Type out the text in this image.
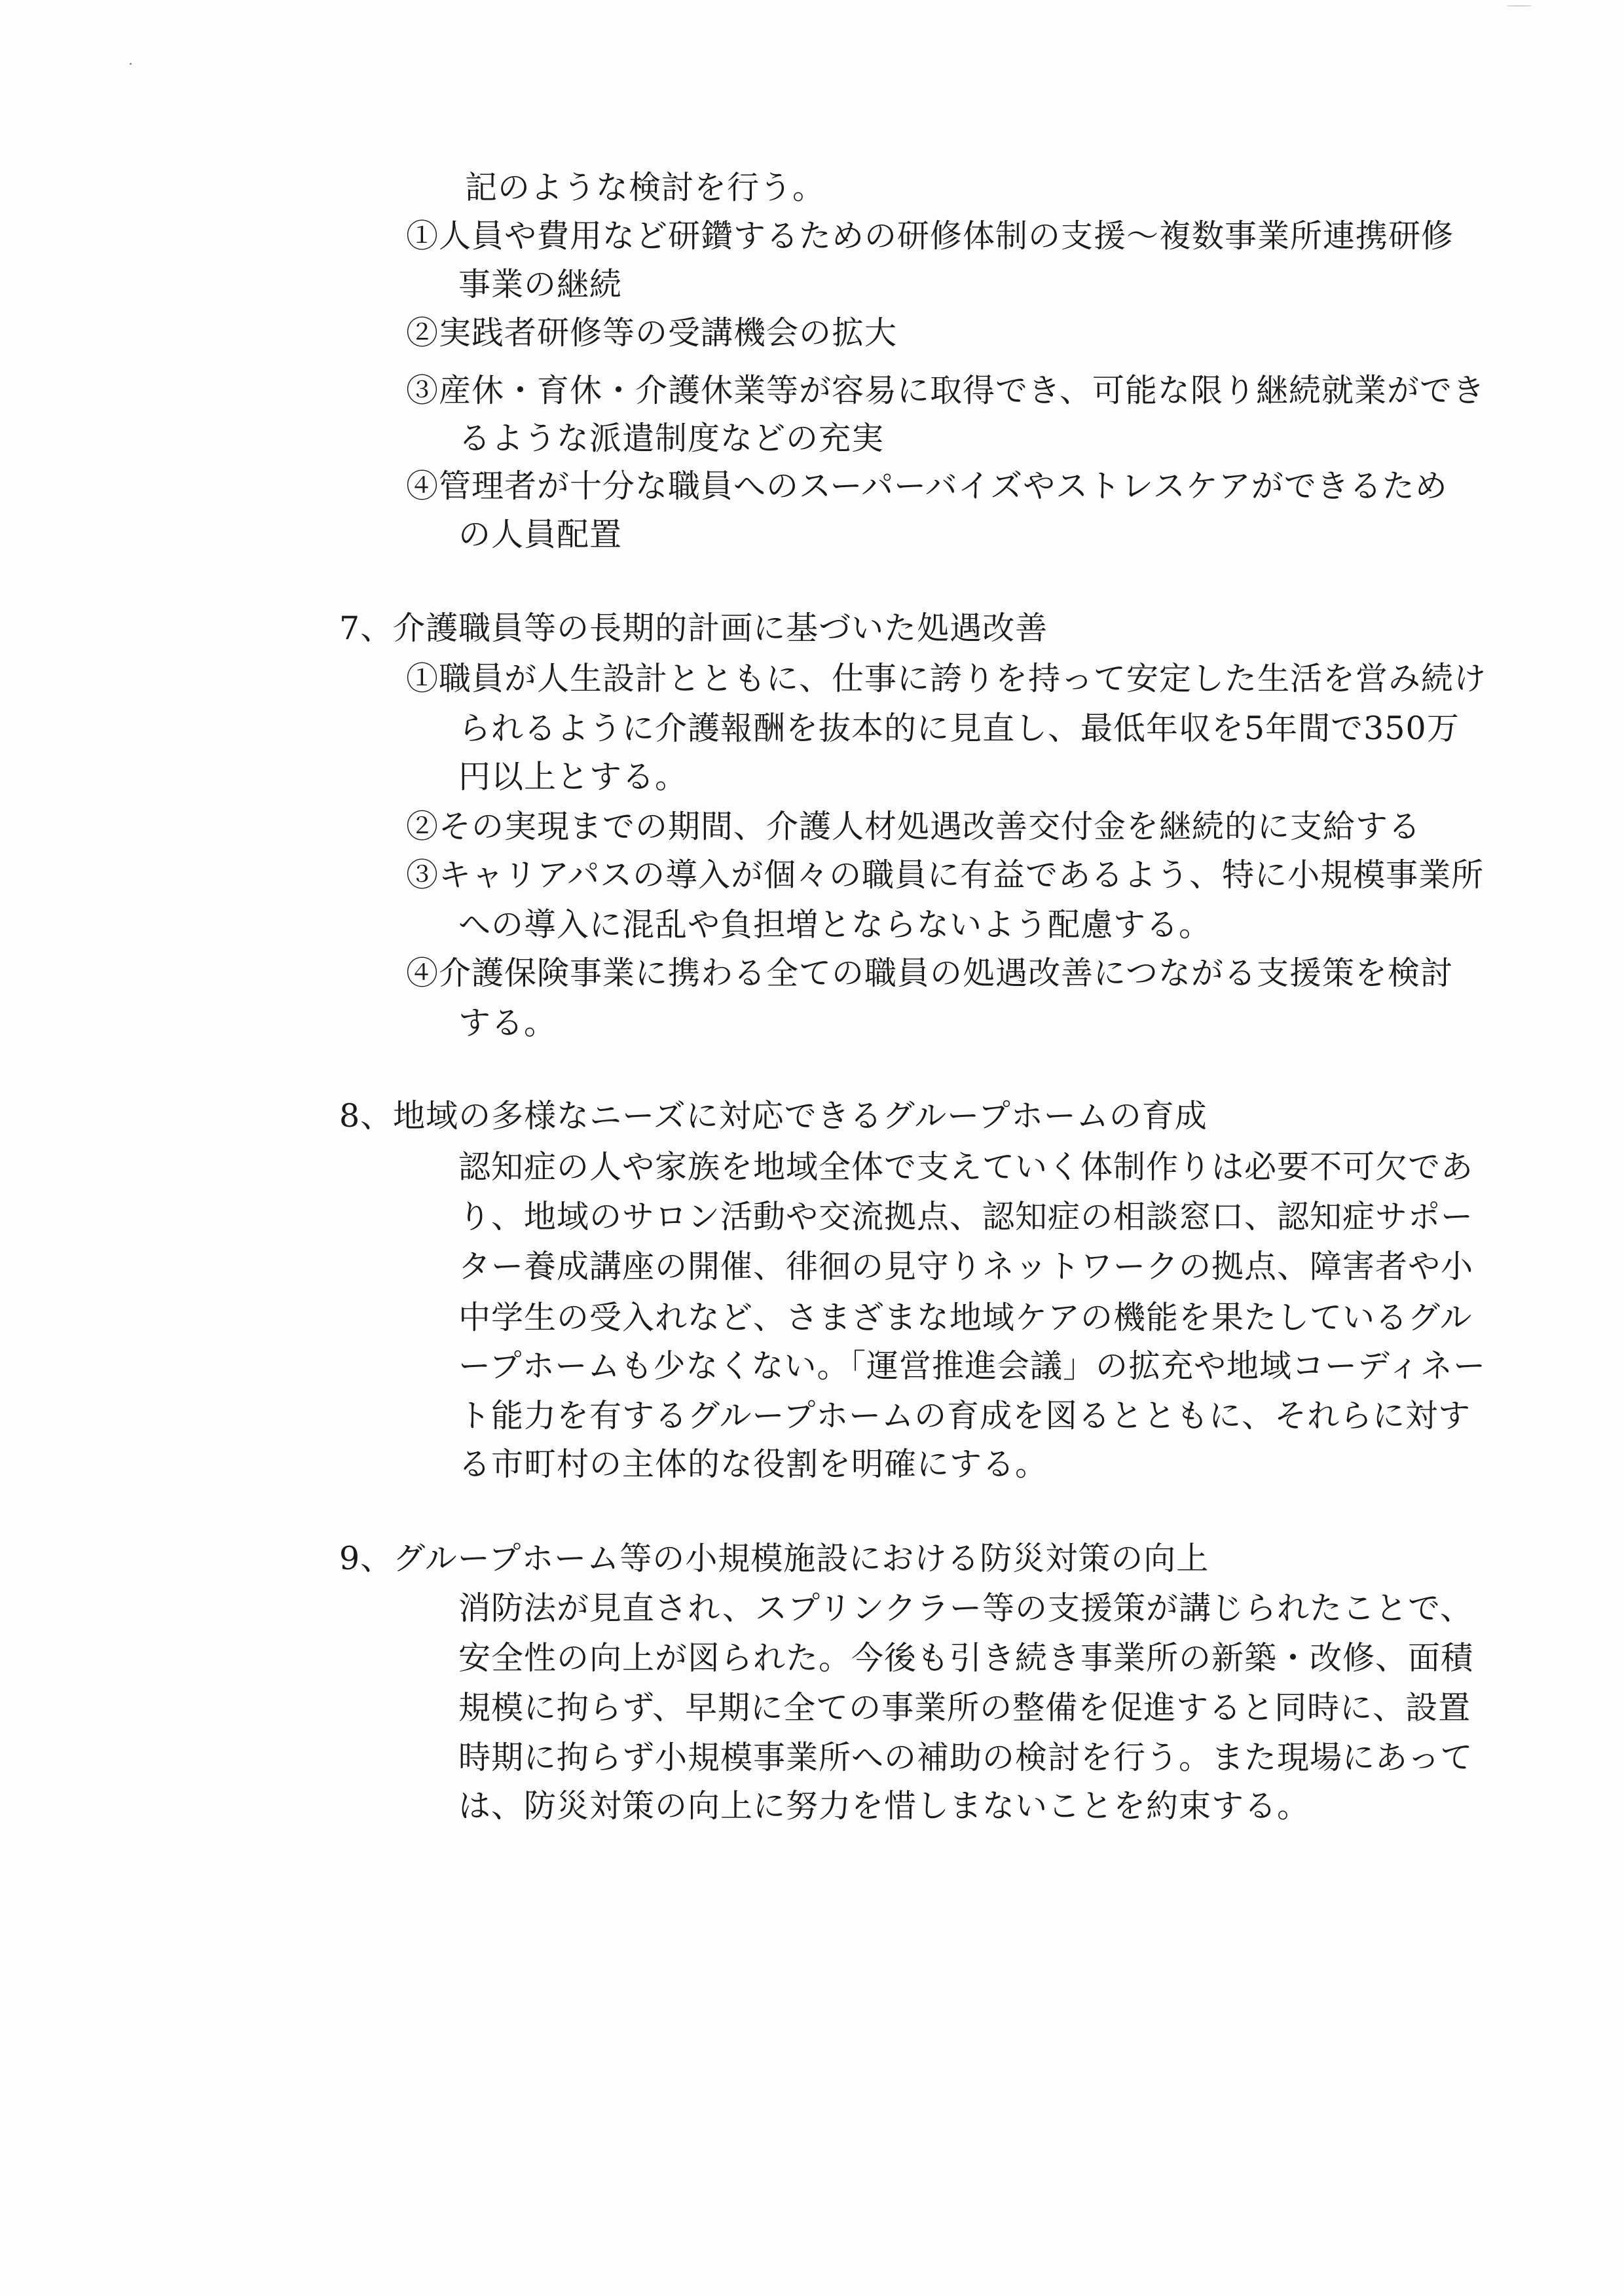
記のような検討を行う。
①人員や費用など研鑽するための研修体制の支援～複数事業所連携研修
事業の継続
②実践者研修等の受講機会の拡大
③産休・育休・介護休業等が容易に取得でき、可能な限り継続就業ができ
るような派遣制度などの充実
④管理者が十分な職員へのスーパーバイズやストレスケアができるため
の人員配置
7、介護職員等の長期的計画に基づいた処遇改善
①職員が人生設計とともに、仕事に誇りを持って安定した生活を営み続け
られるように介護報酬を抜本的に見直し、最低年収を5年間で350万
円以上とする。
②その実現までの期間、介護人材処遇改善交付金を継続的に支給する
③キャリアパスの導入が個々の職員に有益であるよう、特に小規模事業所
への導入に混乱や負担増とならないよう配慮する。
④介護保険事業に携わる全ての職員の処遇改善につながる支援策を検討
する。
8、地域の多様なニーズに対応できるグループホームの育成
認知症の人や家族を地域全体で支えていく体制作りは必要不可欠であ
り、地域のサロン活動や交流拠点、認知症の相談窓口、認知症サポー
ター養成講座の開催、徘徊の見守りネットワークの拠点、障害者や小
中学生の受入れなど、さまざまな地域ケアの機能を果たしているグル
ープホームも少なくない。「運営推進会議」の拡充や地域コーディネー
ト能力を有するグループホームの育成を図るとともに、それらに対す
る市町村の主体的な役割を明確にする。
9、グループホーム等の小規模施設における防災対策の向上
消防法が見直され、スプリンクラー等の支援策が講じられたことで、
安全性の向上が図られた。今後も引き続き事業所の新築・改修、面積
規模に拘らず、早期に全ての事業所の整備を促進すると同時に、設置
時期に拘らず小規模事業所への補助の検討を行う。また現場にあって
は、防災対策の向上に努力を惜しまないことを約束する。
